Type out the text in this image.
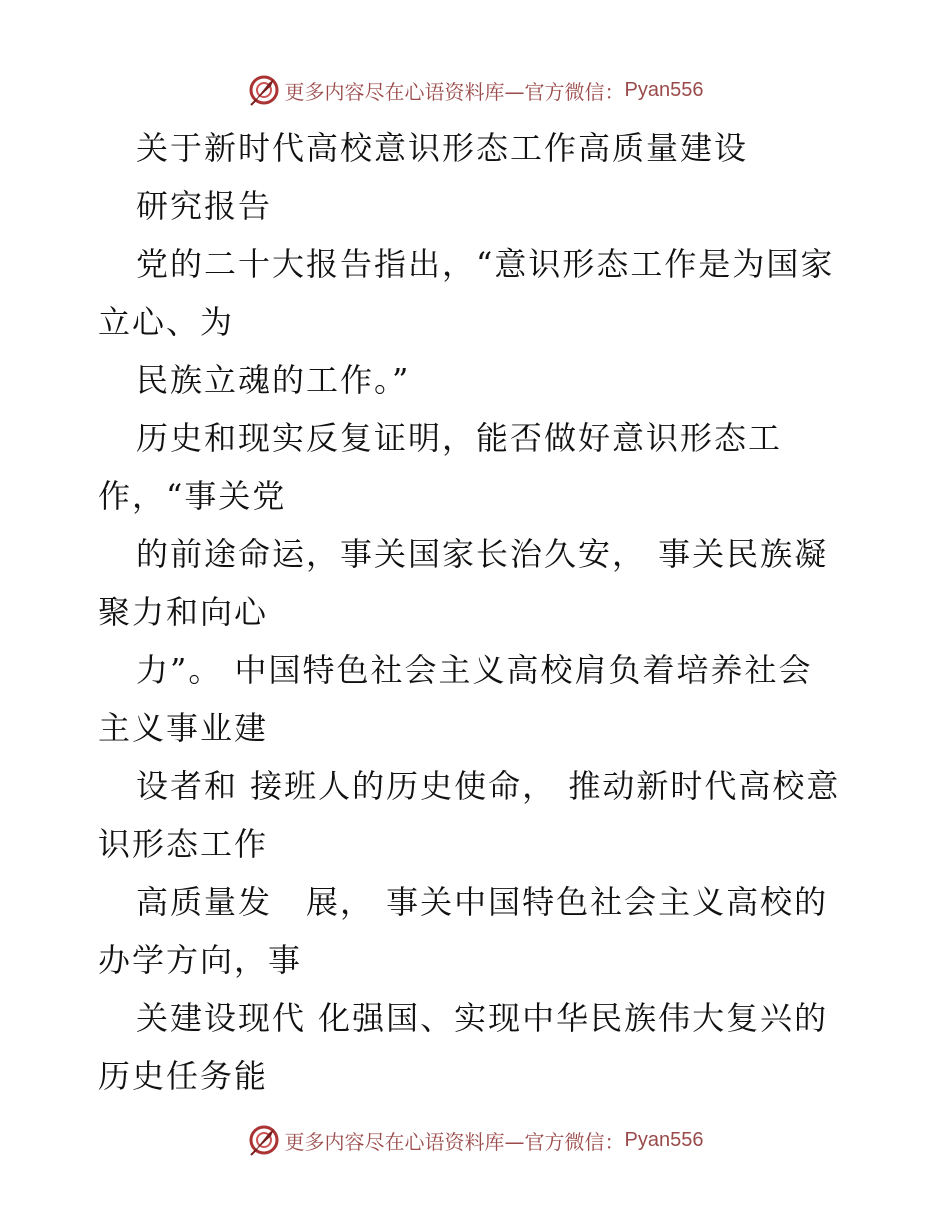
更多内容尽在心语资料库—官方微信： Pyan556
关于新时代高校意识形态工作高质量建设
研究报告
党的二十大报告指出，“意识形态工作是为国家
立心、为
民族立魂的工作。”
历史和现实反复证明，能否做好意识形态工
作，“事关党
的前途命运，事关国家长治久安， 事关民族凝
聚力和向心
力”。 中国特色社会主义高校肩负着培养社会
主义事业建
设者和 接班人的历史使命， 推动新时代高校意
识形态工作
高质量发　展， 事关中国特色社会主义高校的
办学方向，事
关建设现代 化强国、实现中华民族伟大复兴的
历史任务能
更多内容尽在心语资料库—官方微信： Pyan556
